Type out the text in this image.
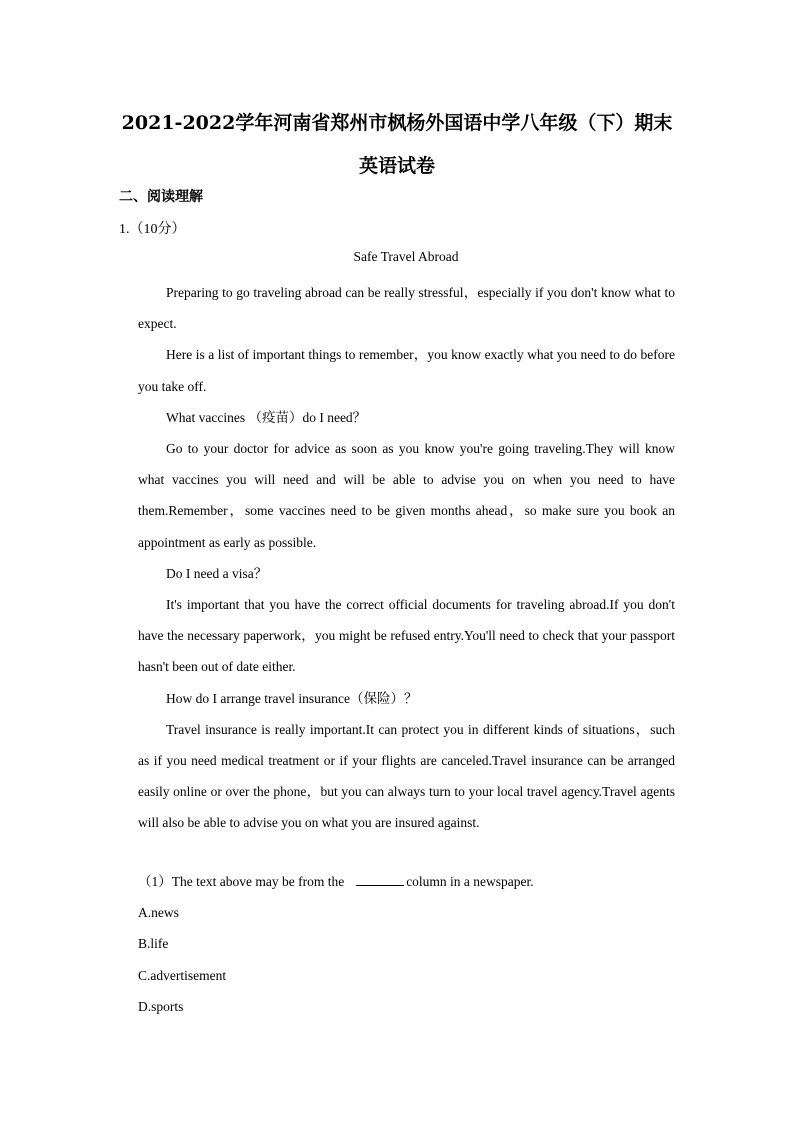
2021-2022学年河南省郑州市枫杨外国语中学八年级（下）期末
英语试卷
二、阅读理解
1.（10分）
Safe Travel Abroad

Preparing to go traveling abroad can be really stressful，especially if you don't know what to expect.

Here is a list of important things to remember，you know exactly what you need to do before you take off.

What vaccines （疫苗）do I need？

Go to your doctor for advice as soon as you know you're going traveling.They will know what vaccines you will need and will be able to advise you on when you need to have them.Remember，some vaccines need to be given months ahead，so make sure you book an appointment as early as possible.

Do I need a visa？

It's important that you have the correct official documents for traveling abroad.If you don't have the necessary paperwork，you might be refused entry.You'll need to check that your passport hasn't been out of date either.

How do I arrange travel insurance（保险）？

Travel insurance is really important.It can protect you in different kinds of situations，such as if you need medical treatment or if your flights are canceled.Travel insurance can be arranged easily online or over the phone，but you can always turn to your local travel agency.Travel agents will also be able to advise you on what you are insured against.

（1）The text above may be from the	column in a newspaper.

A.news

B.life

C.advertisement

D.sports
